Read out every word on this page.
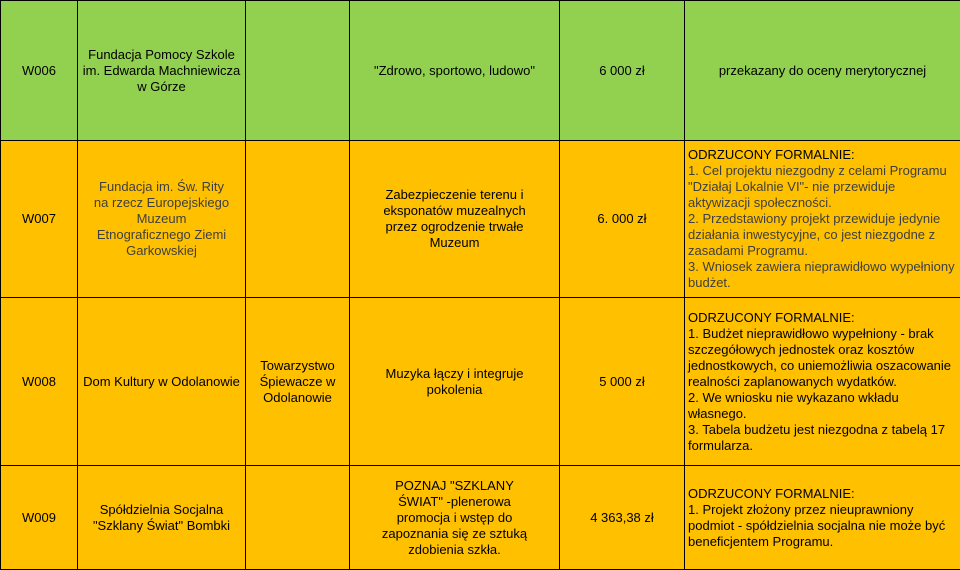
W006	Fundacja Pomocy Szkole im. Edwarda Machniewicza w Górze		"Zdrowo, sportowo, ludowo"	6 000 zł	przekazany do oceny merytorycznej
W007	Fundacja im. Św. Rity na rzecz Europejskiego Muzeum Etnograficznego Ziemi Garkowskiej		Zabezpieczenie terenu i eksponatów muzealnych przez ogrodzenie trwałe Muzeum	6. 000 zł	ODRZUCONY FORMALNIE:
1. Cel projektu niezgodny z celami Programu "Działaj Lokalnie VI"- nie przewiduje aktywizacji społeczności.
2. Przedstawiony projekt przewiduje jedynie działania inwestycyjne, co jest niezgodne z zasadami Programu.
3. Wniosek zawiera nieprawidłowo wypełniony budżet.

W008	Dom Kultury w Odolanowie	Towarzystwo Śpiewacze w Odolanowie	Muzyka łączy i integruje pokolenia	5 000 zł	ODRZUCONY FORMALNIE:
1. Budżet nieprawidłowo wypełniony - brak szczegółowych jednostek oraz kosztów jednostkowych, co uniemożliwia oszacowanie realności zaplanowanych wydatków.
2. We wniosku nie wykazano wkładu własnego.
3. Tabela budżetu jest niezgodna z tabelą 17 formularza.

W009	Spółdzielnia Socjalna "Szklany Świat" Bombki		POZNAJ "SZKLANY ŚWIAT" -plenerowa promocja i wstęp do zapoznania się ze sztuką zdobienia szkła.	4 363,38 zł	ODRZUCONY FORMALNIE:
1. Projekt złożony przez nieuprawniony podmiot - spółdzielnia socjalna nie może być beneficjentem Programu.
